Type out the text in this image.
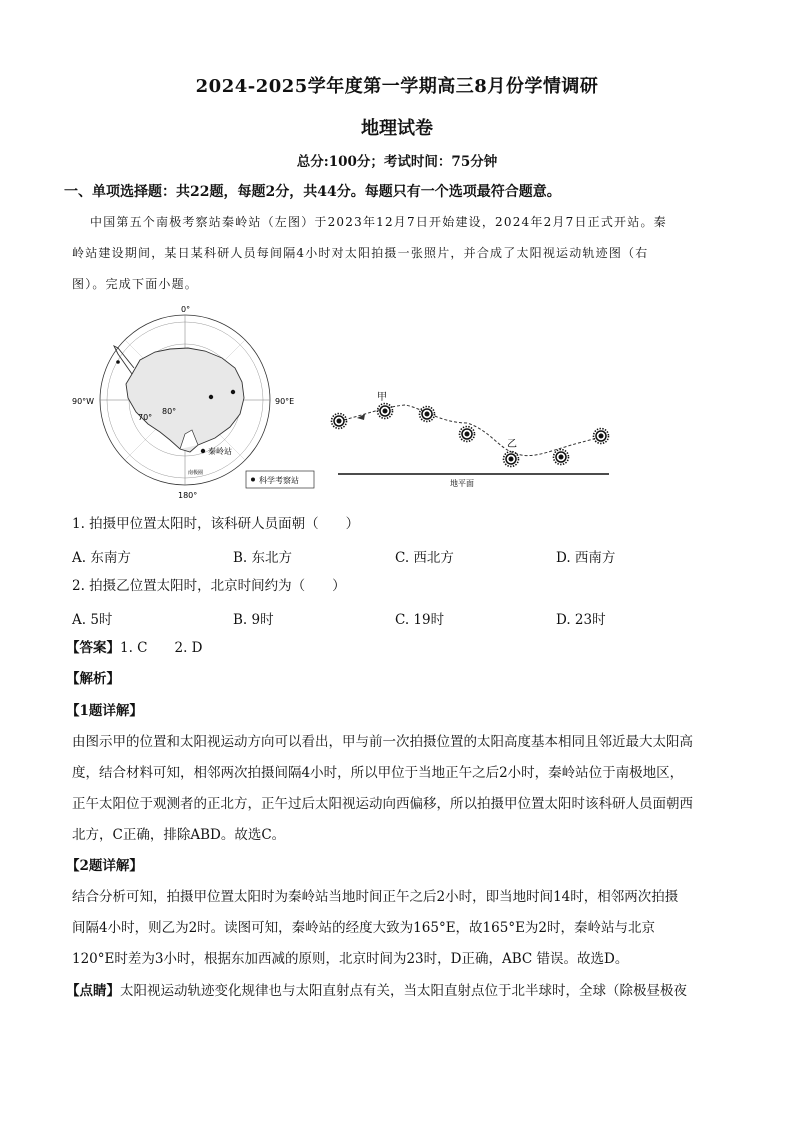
2024-2025学年度第一学期高三8月份学情调研
地理试卷
总分:100分；考试时间：75分钟
一、单项选择题：共22题，每题2分，共44分。每题只有一个选项最符合题意。
中国第五个南极考察站秦岭站（左图）于2023年12月7日开始建设，2024年2月7日正式开站。秦
岭站建设期间，某日某科研人员每间隔4小时对太阳拍摄一张照片，并合成了太阳视运动轨迹图（右
图）。完成下面小题。
0°
90°W	90°E
180°
80°
70°
秦岭站
南极圈
科学考察站
甲
乙
地平面
1. 拍摄甲位置太阳时，该科研人员面朝（　　）
A. 东南方	B. 东北方	C. 西北方	D. 西南方
2. 拍摄乙位置太阳时，北京时间约为（　　）
A. 5时	B. 9时	C. 19时	D. 23时
【答案】1. C　　2. D
【解析】
【1题详解】
由图示甲的位置和太阳视运动方向可以看出，甲与前一次拍摄位置的太阳高度基本相同且邻近最大太阳高
度，结合材料可知，相邻两次拍摄间隔4小时，所以甲位于当地正午之后2小时，秦岭站位于南极地区，
正午太阳位于观测者的正北方，正午过后太阳视运动向西偏移，所以拍摄甲位置太阳时该科研人员面朝西
北方，C正确，排除ABD。故选C。
【2题详解】
结合分析可知，拍摄甲位置太阳时为秦岭站当地时间正午之后2小时，即当地时间14时，相邻两次拍摄
间隔4小时，则乙为2时。读图可知，秦岭站的经度大致为165°E，故165°E为2时，秦岭站与北京
120°E时差为3小时，根据东加西减的原则，北京时间为23时，D正确，ABC 错误。故选D。
【点睛】太阳视运动轨迹变化规律也与太阳直射点有关，当太阳直射点位于北半球时，全球（除极昼极夜
